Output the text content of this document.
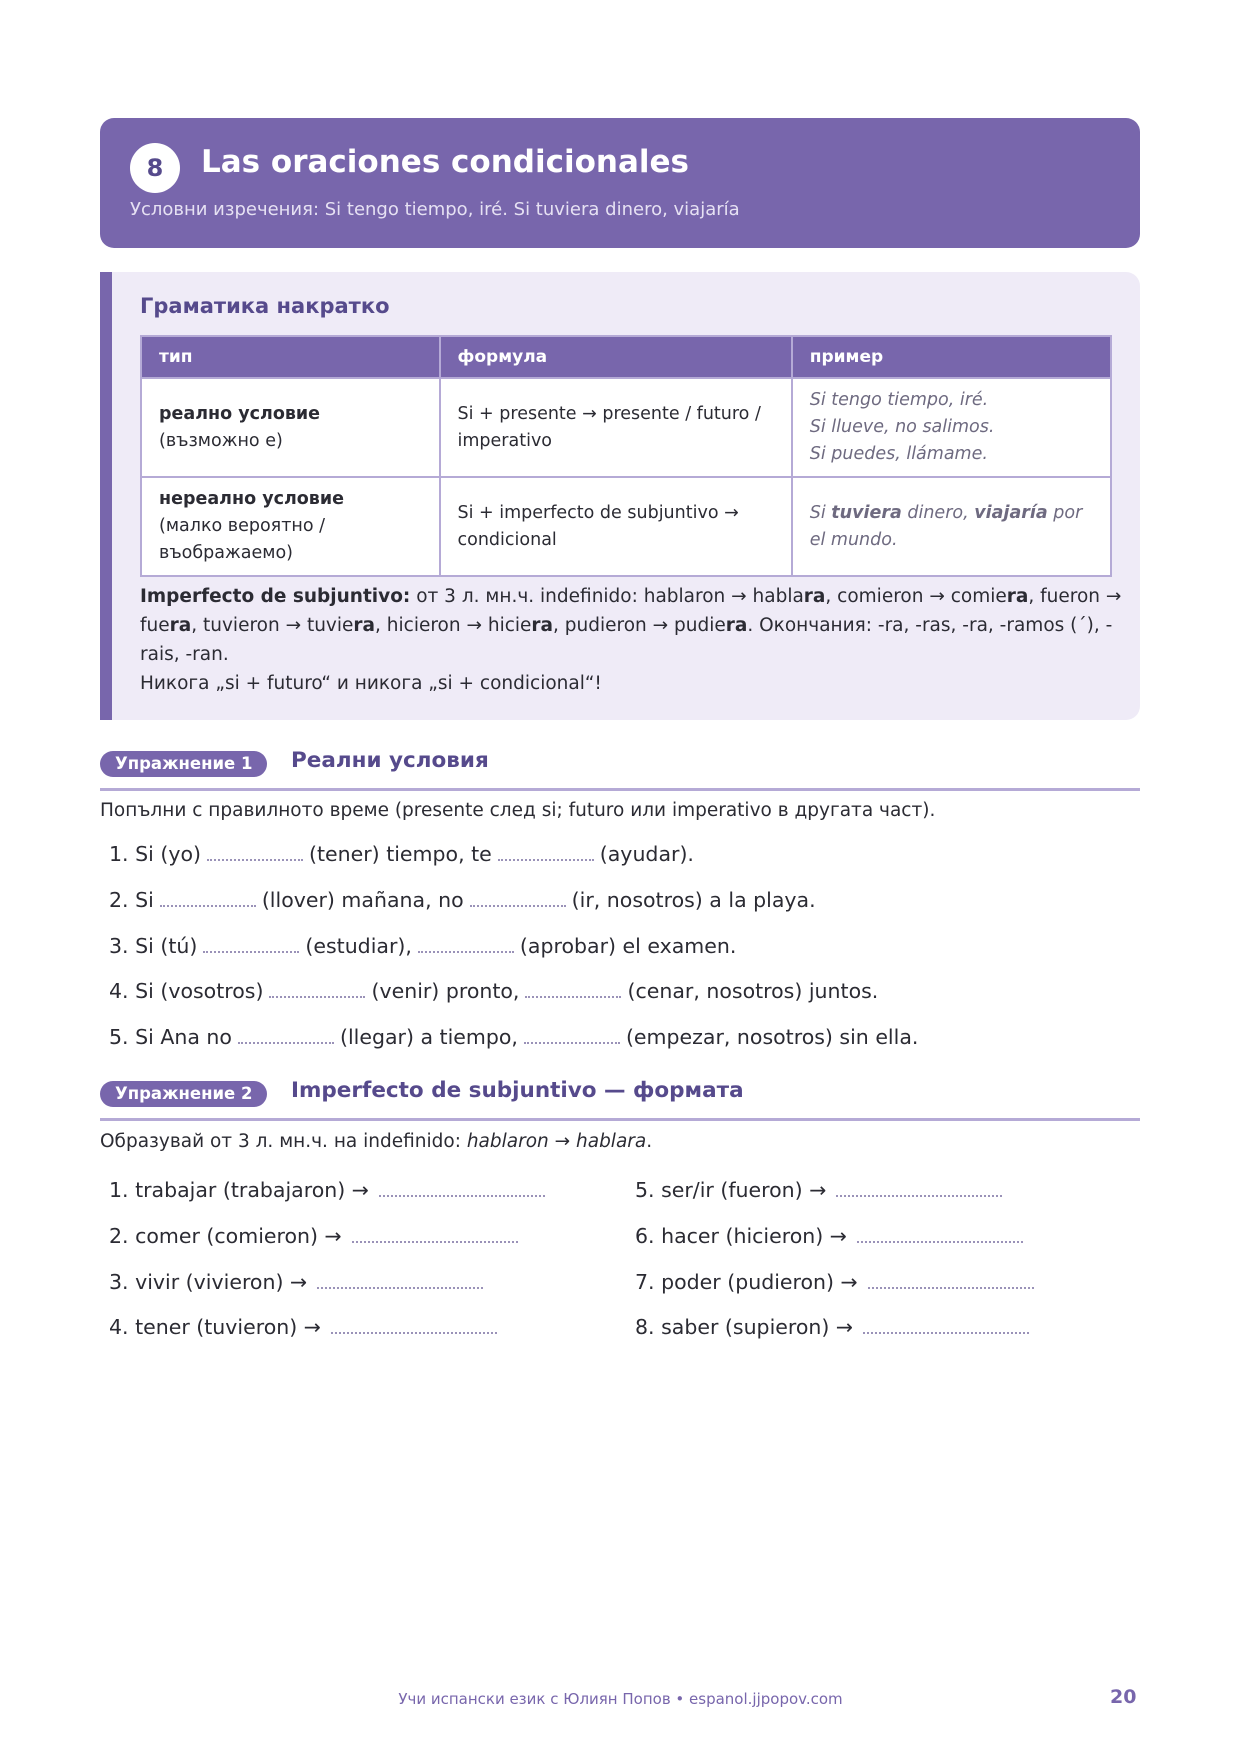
8	Las oraciones condicionales
Условни изречения: Si tengo tiempo, iré. Si tuviera dinero, viajaría
Граматика накратко
тип	формула	пример
реално условие
(възможно е)	Si + presente → presente / futuro / imperativo	Si tengo tiempo, iré.
Si llueve, no salimos.
Si puedes, llámame.
нереално условие
(малко вероятно / въображаемо)	Si + imperfecto de subjuntivo → condicional	Si tuviera dinero, viajaría por el mundo.
Imperfecto de subjuntivo: от 3 л. мн.ч. indefinido: hablaron → hablara, comieron → comiera, fueron → fuera, tuvieron → tuviera, hicieron → hiciera, pudieron → pudiera. Окончания: -ra, -ras, -ra, -ramos (´), -rais, -ran.
Никога „si + futuro“ и никога „si + condicional“!
Упражнение 1	Реални условия
Попълни с правилното време (presente след si; futuro или imperativo в другата част).
1. Si (yo)	(tener) tiempo, te	(ayudar).
2. Si	(llover) mañana, no	(ir, nosotros) a la playa.
3. Si (tú)	(estudiar),	(aprobar) el examen.
4. Si (vosotros)	(venir) pronto,	(cenar, nosotros) juntos.
5. Si Ana no	(llegar) a tiempo,	(empezar, nosotros) sin ella.
Упражнение 2	Imperfecto de subjuntivo — формата
Образувай от 3 л. мн.ч. на indefinido: hablaron → hablara.
1. trabajar (trabajaron) →
2. comer (comieron) →
3. vivir (vivieron) →
4. tener (tuvieron) →
5. ser/ir (fueron) →
6. hacer (hicieron) →
7. poder (pudieron) →
8. saber (supieron) →
Учи испански език с Юлиян Попов • espanol.jjpopov.com	20
